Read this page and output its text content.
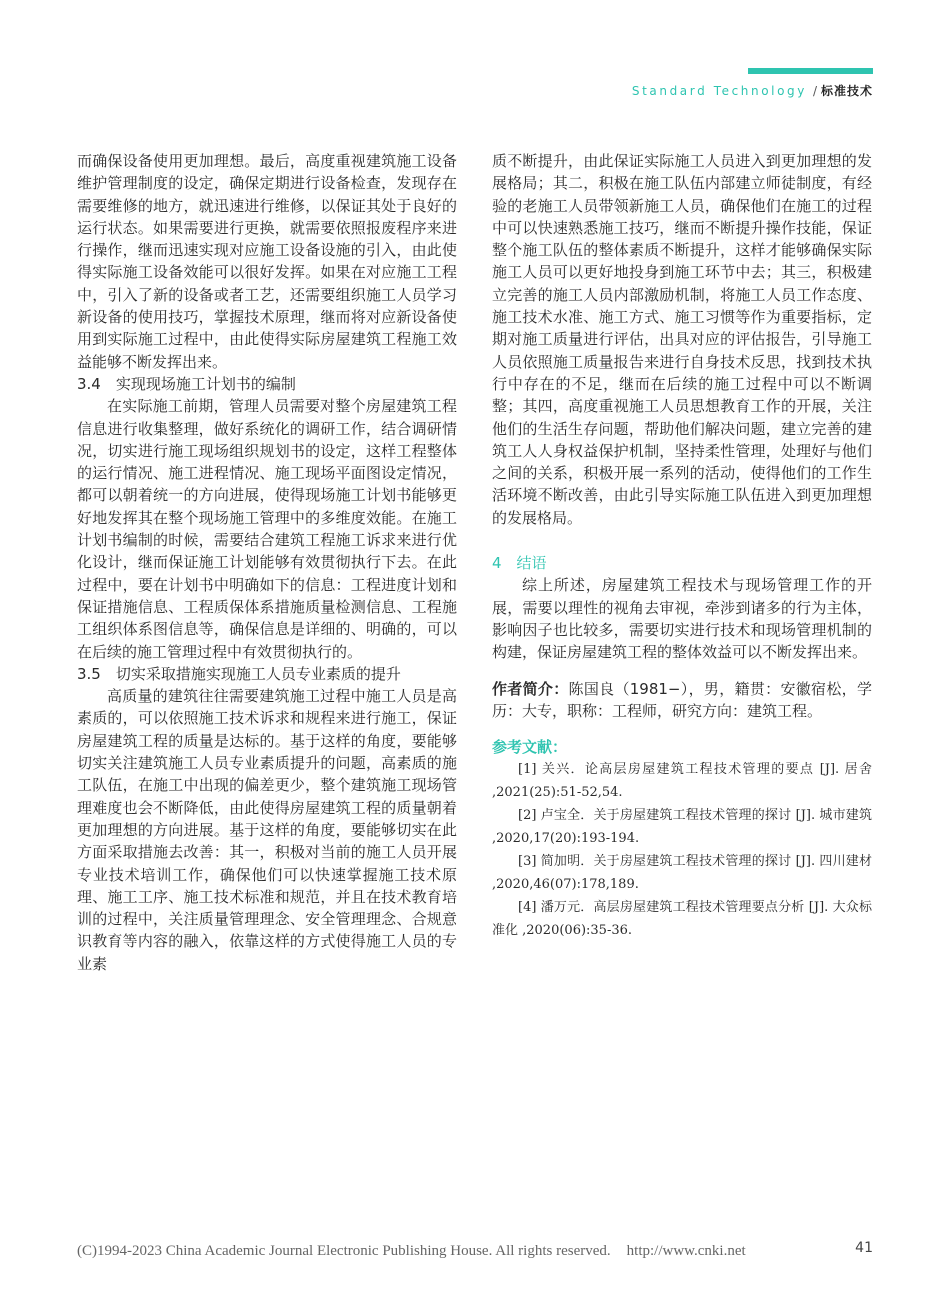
Standard Technology / 标准技术

而确保设备使用更加理想。最后，高度重视建筑施工设备维护管理制度的设定，确保定期进行设备检查，发现存在需要维修的地方，就迅速进行维修，以保证其处于良好的运行状态。如果需要进行更换，就需要依照报废程序来进行操作，继而迅速实现对应施工设备设施的引入，由此使得实际施工设备效能可以很好发挥。如果在对应施工工程中，引入了新的设备或者工艺，还需要组织施工人员学习新设备的使用技巧，掌握技术原理，继而将对应新设备使用到实际施工过程中，由此使得实际房屋建筑工程施工效益能够不断发挥出来。

3.4　实现现场施工计划书的编制

在实际施工前期，管理人员需要对整个房屋建筑工程信息进行收集整理，做好系统化的调研工作，结合调研情况，切实进行施工现场组织规划书的设定，这样工程整体的运行情况、施工进程情况、施工现场平面图设定情况，都可以朝着统一的方向进展，使得现场施工计划书能够更好地发挥其在整个现场施工管理中的多维度效能。在施工计划书编制的时候，需要结合建筑工程施工诉求来进行优化设计，继而保证施工计划能够有效贯彻执行下去。在此过程中，要在计划书中明确如下的信息：工程进度计划和保证措施信息、工程质保体系措施质量检测信息、工程施工组织体系图信息等，确保信息是详细的、明确的，可以在后续的施工管理过程中有效贯彻执行的。

3.5　切实采取措施实现施工人员专业素质的提升

高质量的建筑往往需要建筑施工过程中施工人员是高素质的，可以依照施工技术诉求和规程来进行施工，保证房屋建筑工程的质量是达标的。基于这样的角度，要能够切实关注建筑施工人员专业素质提升的问题，高素质的施工队伍，在施工中出现的偏差更少，整个建筑施工现场管理难度也会不断降低，由此使得房屋建筑工程的质量朝着更加理想的方向进展。基于这样的角度，要能够切实在此方面采取措施去改善：其一，积极对当前的施工人员开展专业技术培训工作，确保他们可以快速掌握施工技术原理、施工工序、施工技术标准和规范，并且在技术教育培训的过程中，关注质量管理理念、安全管理理念、合规意识教育等内容的融入，依靠这样的方式使得施工人员的专业素

质不断提升，由此保证实际施工人员进入到更加理想的发展格局；其二，积极在施工队伍内部建立师徒制度，有经验的老施工人员带领新施工人员，确保他们在施工的过程中可以快速熟悉施工技巧，继而不断提升操作技能，保证整个施工队伍的整体素质不断提升，这样才能够确保实际施工人员可以更好地投身到施工环节中去；其三，积极建立完善的施工人员内部激励机制，将施工人员工作态度、施工技术水准、施工方式、施工习惯等作为重要指标，定期对施工质量进行评估，出具对应的评估报告，引导施工人员依照施工质量报告来进行自身技术反思，找到技术执行中存在的不足，继而在后续的施工过程中可以不断调整；其四，高度重视施工人员思想教育工作的开展，关注他们的生活生存问题，帮助他们解决问题，建立完善的建筑工人人身权益保护机制，坚持柔性管理，处理好与他们之间的关系，积极开展一系列的活动，使得他们的工作生活环境不断改善，由此引导实际施工队伍进入到更加理想的发展格局。

4　结语

综上所述，房屋建筑工程技术与现场管理工作的开展，需要以理性的视角去审视，牵涉到诸多的行为主体，影响因子也比较多，需要切实进行技术和现场管理机制的构建，保证房屋建筑工程的整体效益可以不断发挥出来。

作者简介：陈国良（1981−），男，籍贯：安徽宿松，学历：大专，职称：工程师，研究方向：建筑工程。

参考文献：

[1] 关兴．论高层房屋建筑工程技术管理的要点 [J]. 居舍 ,2021(25):51-52,54.

[2] 卢宝全．关于房屋建筑工程技术管理的探讨 [J]. 城市建筑 ,2020,17(20):193-194.

[3] 简加明．关于房屋建筑工程技术管理的探讨 [J]. 四川建材 ,2020,46(07):178,189.

[4] 潘万元．高层房屋建筑工程技术管理要点分析 [J]. 大众标准化 ,2020(06):35-36.

(C)1994-2023 China Academic Journal Electronic Publishing House. All rights reserved. http://www.cnki.net	41
